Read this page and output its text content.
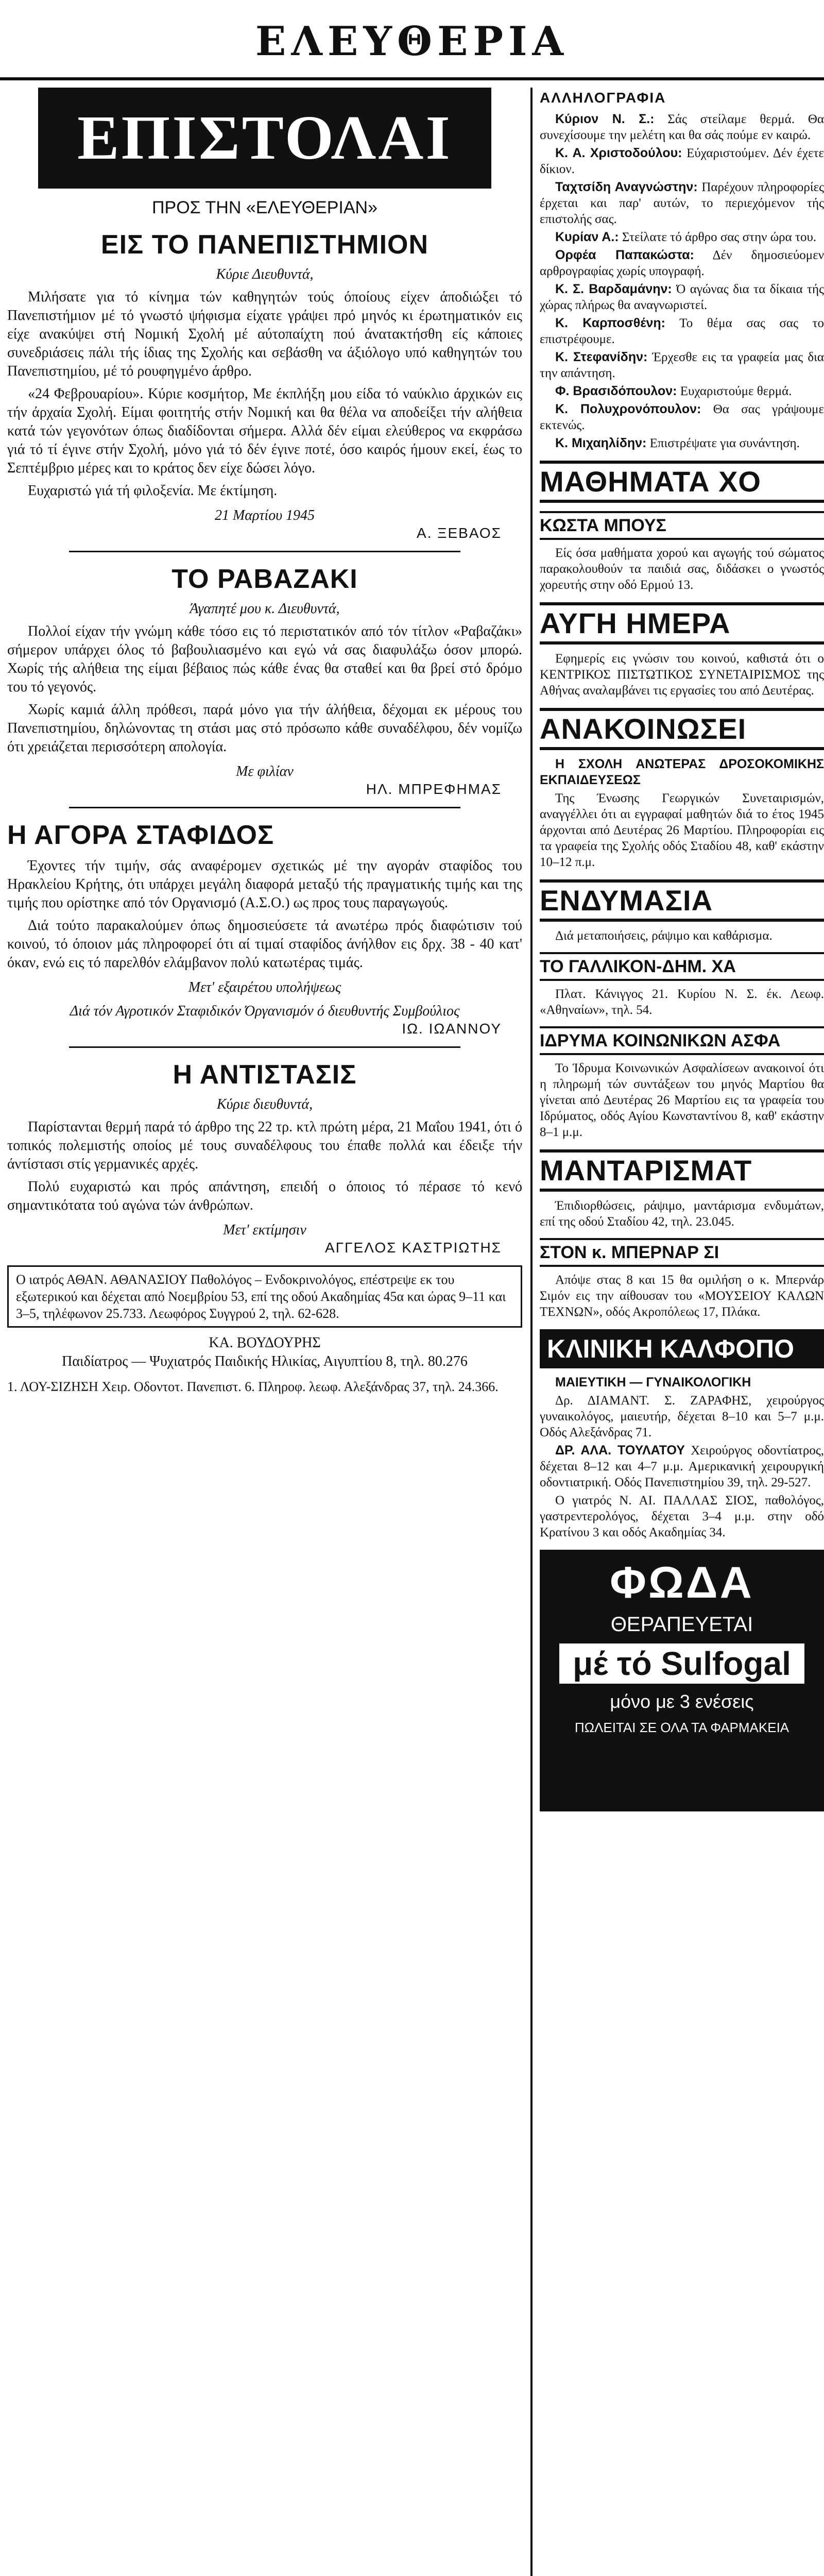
ΕΛΕΥΘΕΡΙΑ
ΕΠΙΣΤΟΛΑΙ
ΠΡΟΣ ΤΗΝ «ΕΛΕΥΘΕΡΙΑΝ»
ΕΙΣ ΤΟ ΠΑΝΕΠΙΣΤΗΜΙΟΝ

Κύριε Διευθυντά,

Μιλήσατε για τό κίνημα τών καθηγητών τούς όποίους είχεν άποδιώξει τό Πανεπιστήμιον μέ τό γνωστό ψήφισμα είχατε γράψει πρό μηνός κι έρωτηματικόν εις είχε ανακύψει στή Νομική Σχολή μέ αύτοπαίχτη πού άνατακτήσθη είς κάποιες συνεδριάσεις πάλι τής ίδιας της Σχολής και σεβάσθη να άξιόλογο υπό καθηγητών του Πανεπιστημίου, μέ τό ρουφηγμένο άρθρο.

«24 Φεβρουαρίου». Κύριε κοσμήτορ, Με έκπλήξη μου είδα τό ναύκλιο άρχικών εις τήν άρχαία Σχολή. Είμαι φοιτητής στήν Νομική και θα θέλα να αποδείξει τήν αλήθεια κατά τών γεγονότων όπως διαδίδονται σήμερα. Αλλά δέν είμαι ελεύθερος να εκφράσω γιά τό τί έγινε στήν Σχολή, μόνο γιά τό δέν έγινε ποτέ, όσο καιρός ήμουν εκεί, έως το Σεπτέμβριο μέρες και το κράτος δεν είχε δώσει λόγο.

Ευχαριστώ γιά τή φιλοξενία. Με έκτίμηση.

21 Μαρτίου 1945

Α. ΞΕΒΑΟΣ

ΤΟ ΡΑΒΑΖΑΚΙ

Άγαπητέ μου κ. Διευθυντά,

Πολλοί είχαν τήν γνώμη κάθε τόσο εις τό περιστατικόν από τόν τίτλον «Ραβαζάκι» σήμερον υπάρχει όλος τό βαβουλιασμένο και εγώ νά σας διαφυλάξω όσον μπορώ. Χωρίς τής αλήθεια της είμαι βέβαιος πώς κάθε ένας θα σταθεί και θα βρεί στό δρόμο του τό γεγονός.

Χωρίς καμιά άλλη πρόθεσι, παρά μόνο για τήν άλήθεια, δέχομαι εκ μέρους του Πανεπιστημίου, δηλώνοντας τη στάσι μας στό πρόσωπο κάθε συναδέλφου, δέν νομίζω ότι χρειάζεται περισσότερη απολογία.

Με φιλίαν

ΗΛ. ΜΠΡΕΦΗΜΑΣ

Η ΑΓΟΡΑ ΣΤΑΦΙΔΟΣ

Έχοντες τήν τιμήν, σάς αναφέρομεν σχετικώς μέ την αγοράν σταφίδος του Ηρακλείου Κρήτης, ότι υπάρχει μεγάλη διαφορά μεταξύ τής πραγματικής τιμής και της τιμής που ορίστηκε από τόν Οργανισμό (Α.Σ.Ο.) ως προς τους παραγωγούς.

Διά τούτο παρακαλούμεν όπως δημοσιεύσετε τά ανωτέρω πρός διαφώτισιν τού κοινού, τό όποιον μάς πληροφορεί ότι αί τιμαί σταφίδος άνήλθον εις δρχ. 38 - 40 κατ' όκαν, ενώ εις τό παρελθόν ελάμβανον πολύ κατωτέρας τιμάς.

Μετ' εξαιρέτου υπολήψεως

Διά τόν Αγροτικόν Σταφιδικόν Όργανισμόν ό διευθυντής Συμβούλιος

ΙΩ. ΙΩΑΝΝΟΥ

Η ΑΝΤΙΣΤΑΣΙΣ

Κύριε διευθυντά,

Παρίστανται θερμή παρά τό άρθρο της 22 τρ. κτλ πρώτη μέρα, 21 Μαΐου 1941, ότι ό τοπικός πολεμιστής οποίος μέ τους συναδέλφους του έπαθε πολλά και έδειξε τήν άντίστασι στίς γερμανικές αρχές.

Πολύ ευχαριστώ και πρός απάντηση, επειδή ο όποιος τό πέρασε τό κενό σημαντικότατα τού αγώνα τών άνθρώπων.

Μετ' εκτίμησιν

ΑΓΓΕΛΟΣ ΚΑΣΤΡΙΩΤΗΣ

Ο ιατρός ΑΘΑΝ. ΑΘΑΝΑΣΙΟΥ Παθολόγος – Ενδοκρινολόγος, επέστρεψε εκ του εξωτερικού και δέχεται από Νοεμβρίου 53, επί της οδού Ακαδημίας 45α και ώρας 9–11 και 3–5, τηλέφωνον 25.733. Λεωφόρος Συγγρού 2, τηλ. 62-628.
ΚΑ. ΒΟΥΔΟΥΡΗΣ
Παιδίατρος — Ψυχιατρός Παιδικής Ηλικίας, Αιγυπτίου 8, τηλ. 80.276
1. ΛΟΥ-ΣΙΖΗΣΗ Χειρ. Οδοντοτ. Πανεπιστ. 6. Πληροφ. λεωφ. Αλεξάνδρας 37, τηλ. 24.366.
ΑΛΛΗΛΟΓΡΑΦΙΑ

Κύριον Ν. Σ.: Σάς στείλαμε θερμά. Θα συνεχίσουμε την μελέτη και θα σάς πούμε εν καιρώ.

Κ. Α. Χριστοδούλου: Εύχαριστούμεν. Δέν έχετε δίκιον.

Ταχτσίδη Αναγνώστην: Παρέχουν πληροφορίες έρχεται και παρ' αυτών, το περιεχόμενον τής επιστολής σας.

Κυρίαν Α.: Στείλατε τό άρθρο σας στην ώρα του.

Ορφέα Παπακώστα: Δέν δημοσιεύομεν αρθρογραφίας χωρίς υπογραφή.

Κ. Σ. Βαρδαμάνην: Ό αγώνας δια τα δίκαια τής χώρας πλήρως θα αναγνωριστεί.

Κ. Καρποσθένη: Το θέμα σας σας το επιστρέφουμε.

Κ. Στεφανίδην: Έρχεσθε εις τα γραφεία μας δια την απάντηση.

Φ. Βρασιδόπουλον: Ευχαριστούμε θερμά.

Κ. Πολυχρονόπουλον: Θα σας γράψουμε εκτενώς.

Κ. Μιχαηλίδην: Επιστρέψατε για συνάντηση.

ΜΑΘΗΜΑΤΑ ΧΟ
ΚΩΣΤΑ ΜΠΟΥΣ

Είς όσα μαθήματα χορού και αγωγής τού σώματος παρακολουθούν τα παιδιά σας, διδάσκει ο γνωστός χορευτής στην οδό Ερμού 13.

ΑΥΓΗ ΗΜΕΡΑ

Εφημερίς εις γνώσιν του κοινού, καθιστά ότι ο ΚΕΝΤΡΙΚΟΣ ΠΙΣΤΩΤΙΚΟΣ ΣΥΝΕΤΑΙΡΙΣΜΟΣ της Αθήνας αναλαμβάνει τις εργασίες του από Δευτέρας.

ΑΝΑΚΟΙΝΩΣΕΙ

Η ΣΧΟΛΗ ΑΝΩΤΕΡΑΣ ΔΡΟΣΟΚΟΜΙΚΗΣ ΕΚΠΑΙΔΕΥΣΕΩΣ

Της Ένωσης Γεωργικών Συνεταιρισμών, αναγγέλλει ότι αι εγγραφαί μαθητών διά το έτος 1945 άρχονται από Δευτέρας 26 Μαρτίου. Πληροφορίαι εις τα γραφεία της Σχολής οδός Σταδίου 48, καθ' εκάστην 10–12 π.μ.

ΕΝΔΥΜΑΣΙΑ

Διά μεταποιήσεις, ράψιμο και καθάρισμα.

ΤΟ ΓΑΛΛΙΚΟΝ-ΔΗΜ. ΧΑ

Πλατ. Κάνιγγος 21. Κυρίου Ν. Σ. έκ. Λεωφ. «Αθηναίων», τηλ. 54.

ΙΔΡΥΜΑ ΚΟΙΝΩΝΙΚΩΝ ΑΣΦΑ

Το Ίδρυμα Κοινωνικών Ασφαλίσεων ανακοινοί ότι η πληρωμή τών συντάξεων του μηνός Μαρτίου θα γίνεται από Δευτέρας 26 Μαρτίου εις τα γραφεία του Ιδρύματος, οδός Αγίου Κωνσταντίνου 8, καθ' εκάστην 8–1 μ.μ.

ΜΑΝΤΑΡΙΣΜΑΤ

Έπιδιορθώσεις, ράψιμο, μαντάρισμα ενδυμάτων, επί της οδού Σταδίου 42, τηλ. 23.045.

ΣΤΟΝ κ. ΜΠΕΡΝΑΡ ΣΙ

Απόψε στας 8 και 15 θα ομιλήση ο κ. Μπερνάρ Σιμόν εις την αίθουσαν του «ΜΟΥΣΕΙΟΥ ΚΑΛΩΝ ΤΕΧΝΩΝ», οδός Ακροπόλεως 17, Πλάκα.

ΚΛΙΝΙΚΗ ΚΑΛΦΟΠΟ

ΜΑΙΕΥΤΙΚΗ — ΓΥΝΑΙΚΟΛΟΓΙΚΗ

Δρ. ΔΙΑΜΑΝΤ. Σ. ΖΑΡΑΦΗΣ, χειρούργος γυναικολόγος, μαιευτήρ, δέχεται 8–10 και 5–7 μ.μ. Οδός Αλεξάνδρας 71.

ΔΡ. ΑΛΑ. ΤΟΥΛΑΤΟΥ Χειρούργος οδοντίατρος, δέχεται 8–12 και 4–7 μ.μ. Αμερικανική χειρουργική οδοντιατρική. Οδός Πανεπιστημίου 39, τηλ. 29-527.

Ο γιατρός Ν. ΑΙ. ΠΑΛΛΑΣ ΣΙΟΣ, παθολόγος, γαστρεντερολόγος, δέχεται 3–4 μ.μ. στην οδό Κρατίνου 3 και οδός Ακαδημίας 34.

ΦΩΔΑ
ΘΕΡΑΠΕΥΕΤΑΙ
μέ τό Sulfogal
μόνο με 3 ενέσεις
ΠΩΛΕΙΤΑΙ ΣΕ ΟΛΑ ΤΑ ΦΑΡΜΑΚΕΙΑ
